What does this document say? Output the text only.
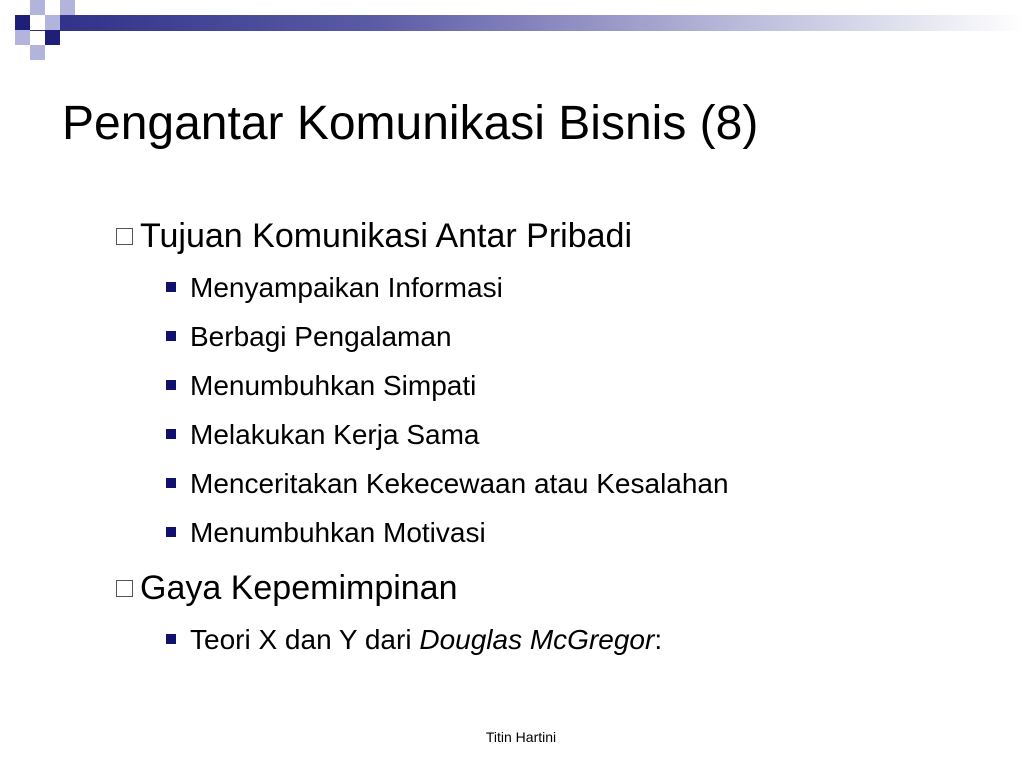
Pengantar Komunikasi Bisnis (8)
Tujuan Komunikasi Antar Pribadi
Menyampaikan Informasi
Berbagi Pengalaman
Menumbuhkan Simpati
Melakukan Kerja Sama
Menceritakan Kekecewaan atau Kesalahan
Menumbuhkan Motivasi
Gaya Kepemimpinan
Teori X dan Y dari Douglas McGregor:
Titin Hartini
